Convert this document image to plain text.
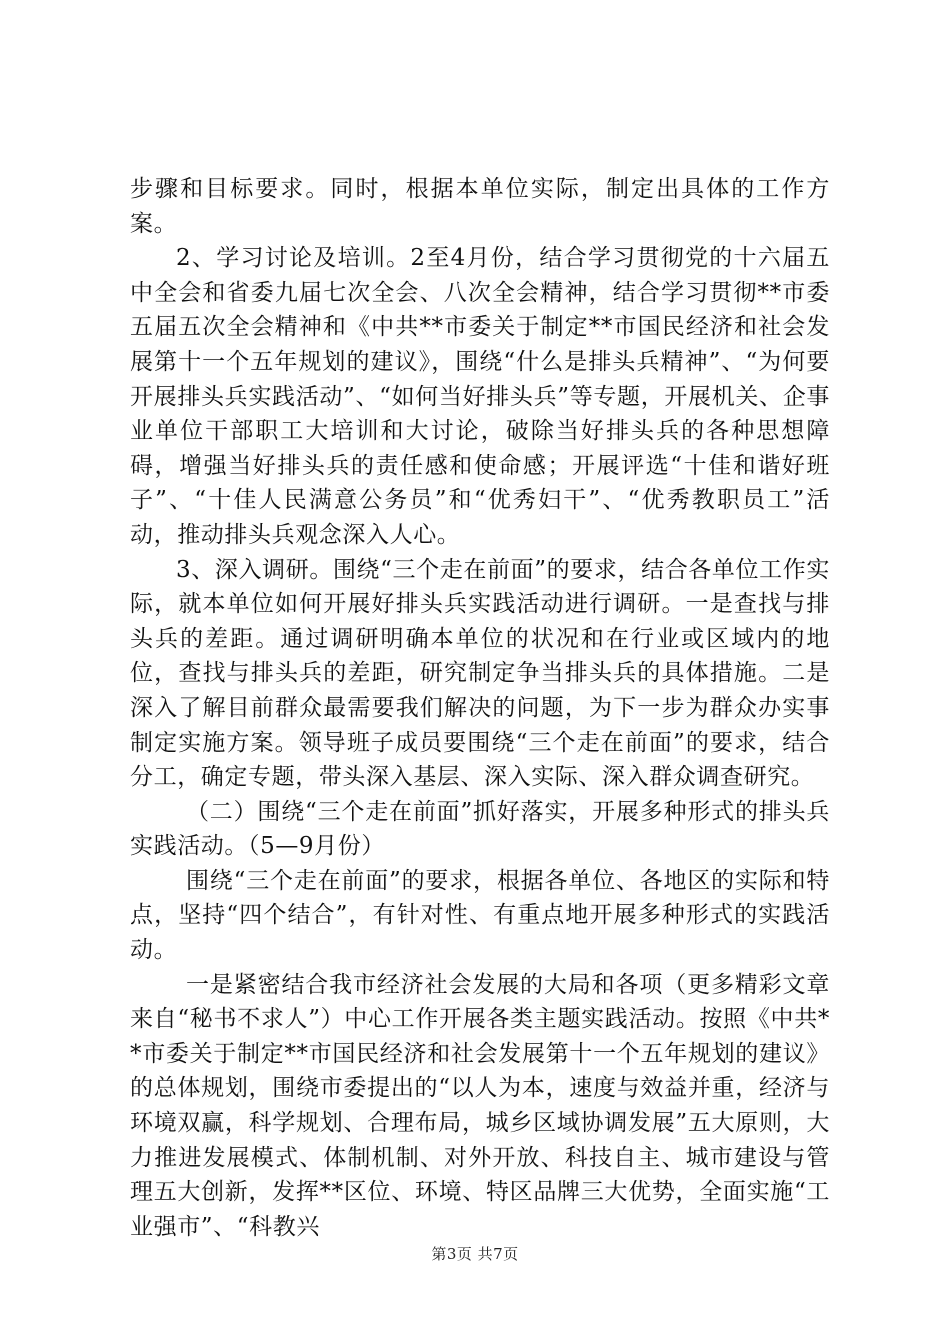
步骤和目标要求。同时，根据本单位实际，制定出具体的工作方案。

2、学习讨论及培训。2至4月份，结合学习贯彻党的十六届五中全会和省委九届七次全会、八次全会精神，结合学习贯彻**市委五届五次全会精神和《中共**市委关于制定**市国民经济和社会发展第十一个五年规划的建议》，围绕“什么是排头兵精神”、“为何要开展排头兵实践活动”、“如何当好排头兵”等专题，开展机关、企事业单位干部职工大培训和大讨论，破除当好排头兵的各种思想障碍，增强当好排头兵的责任感和使命感；开展评选“十佳和谐好班子”、“十佳人民满意公务员”和“优秀妇干”、“优秀教职员工”活动，推动排头兵观念深入人心。

3、深入调研。围绕“三个走在前面”的要求，结合各单位工作实际，就本单位如何开展好排头兵实践活动进行调研。一是查找与排头兵的差距。通过调研明确本单位的状况和在行业或区域内的地位，查找与排头兵的差距，研究制定争当排头兵的具体措施。二是深入了解目前群众最需要我们解决的问题，为下一步为群众办实事制定实施方案。领导班子成员要围绕“三个走在前面”的要求，结合分工，确定专题，带头深入基层、深入实际、深入群众调查研究。

（二）围绕“三个走在前面”抓好落实，开展多种形式的排头兵实践活动。（5—9月份）

围绕“三个走在前面”的要求，根据各单位、各地区的实际和特点，坚持“四个结合”，有针对性、有重点地开展多种形式的实践活动。

一是紧密结合我市经济社会发展的大局和各项（更多精彩文章来自“秘书不求人”）中心工作开展各类主题实践活动。按照《中共**市委关于制定**市国民经济和社会发展第十一个五年规划的建议》的总体规划，围绕市委提出的“以人为本，速度与效益并重，经济与环境双赢，科学规划、合理布局，城乡区域协调发展”五大原则，大力推进发展模式、体制机制、对外开放、科技自主、城市建设与管理五大创新，发挥**区位、环境、特区品牌三大优势，全面实施“工业强市”、“科教兴

第3页 共7页
